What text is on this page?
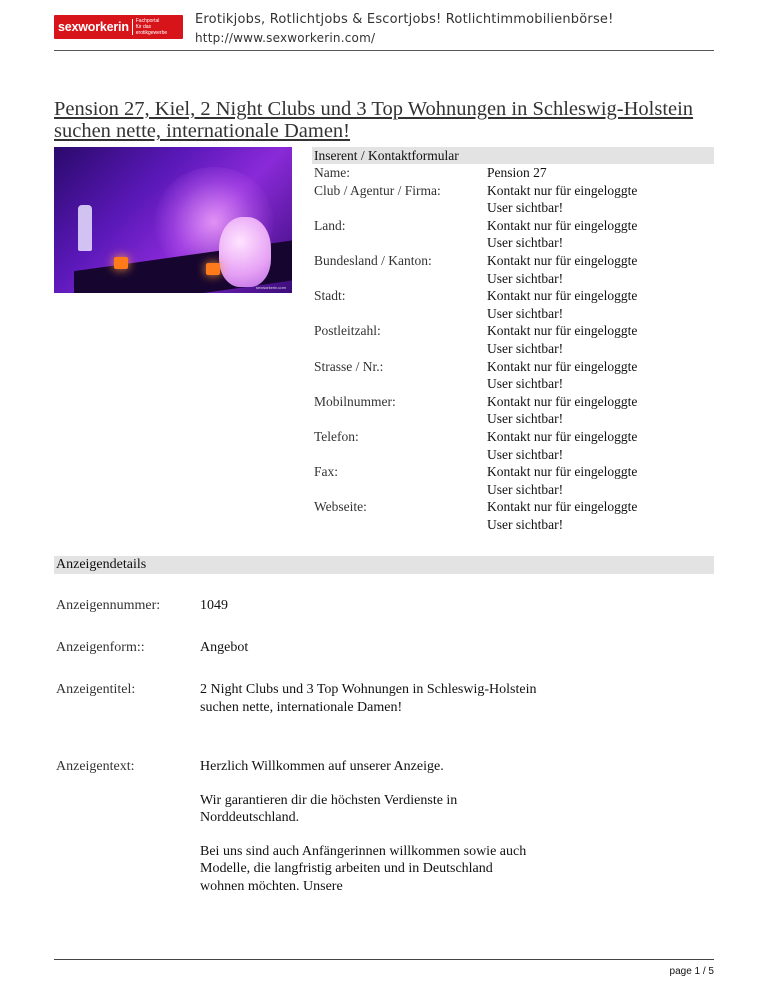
sexworkerin Fachportal
für das erotikgewerbe
Erotikjobs, Rotlichtjobs & Escortjobs! Rotlichtimmobilienbörse!
http://www.sexworkerin.com/
Pension 27, Kiel, 2 Night Clubs und 3 Top Wohnungen in Schleswig-Holstein suchen nette, internationale Damen!
sexworkerin.com
Inserent / Kontaktformular
Name:	Pension 27
Club / Agentur / Firma:	Kontakt nur für eingeloggte
User sichtbar!
Land:	Kontakt nur für eingeloggte
User sichtbar!
Bundesland / Kanton:	Kontakt nur für eingeloggte
User sichtbar!
Stadt:	Kontakt nur für eingeloggte
User sichtbar!
Postleitzahl:	Kontakt nur für eingeloggte
User sichtbar!
Strasse / Nr.:	Kontakt nur für eingeloggte
User sichtbar!
Mobilnummer:	Kontakt nur für eingeloggte
User sichtbar!
Telefon:	Kontakt nur für eingeloggte
User sichtbar!
Fax:	Kontakt nur für eingeloggte
User sichtbar!
Webseite:	Kontakt nur für eingeloggte
User sichtbar!
Anzeigendetails
Anzeigennummer:	1049
Anzeigenform::	Angebot
Anzeigentitel:	2 Night Clubs und 3 Top Wohnungen in Schleswig-Holstein suchen nette, internationale Damen!
Anzeigentext:	Herzlich Willkommen auf unserer Anzeige.

Wir garantieren dir die höchsten Verdienste in Norddeutschland.

Bei uns sind auch Anfängerinnen willkommen sowie auch Modelle, die langfristig arbeiten und in Deutschland wohnen möchten. Unsere

page 1 / 5
